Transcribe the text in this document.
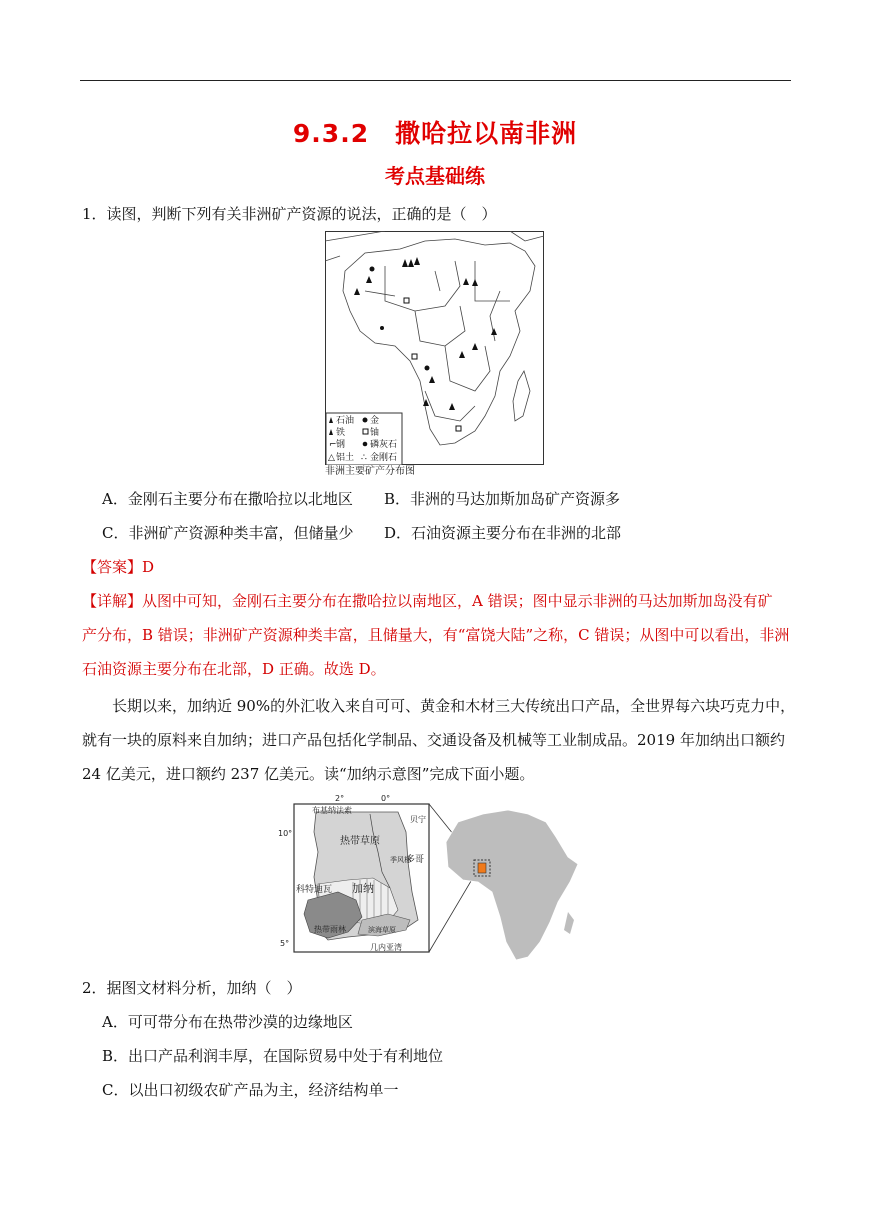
9.3.2　撒哈拉以南非洲
考点基础练
1．读图，判断下列有关非洲矿产资源的说法，正确的是（　）
石油 金
铁	铀
⌐ 钢	磷灰石
△ 铝土 ∴ 金刚石
非洲主要矿产分布图
A．金刚石主要分布在撒哈拉以北地区 B．非洲的马达加斯加岛矿产资源多
C．非洲矿产资源种类丰富，但储量少 D．石油资源主要分布在非洲的北部
【答案】D
【详解】从图中可知，金刚石主要分布在撒哈拉以南地区，A 错误；图中显示非洲的马达加斯加岛没有矿
产分布，B 错误；非洲矿产资源种类丰富，且储量大，有“富饶大陆”之称，C 错误；从图中可以看出，非洲
石油资源主要分布在北部，D 正确。故选 D。
长期以来，加纳近 90%的外汇收入来自可可、黄金和木材三大传统出口产品，全世界每六块巧克力中，
就有一块的原料来自加纳；进口产品包括化学制品、交通设备及机械等工业制成品。2019 年加纳出口额约
24 亿美元，进口额约 237 亿美元。读“加纳示意图”完成下面小题。
2°	0°
10°
5°
布基纳法索
贝宁
多哥
科特迪瓦
几内亚湾
热带草原
加纳
热带雨林
季风林
滨海草原
2．据图文材料分析，加纳（　）
A．可可带分布在热带沙漠的边缘地区
B．出口产品利润丰厚，在国际贸易中处于有利地位
C．以出口初级农矿产品为主，经济结构单一
